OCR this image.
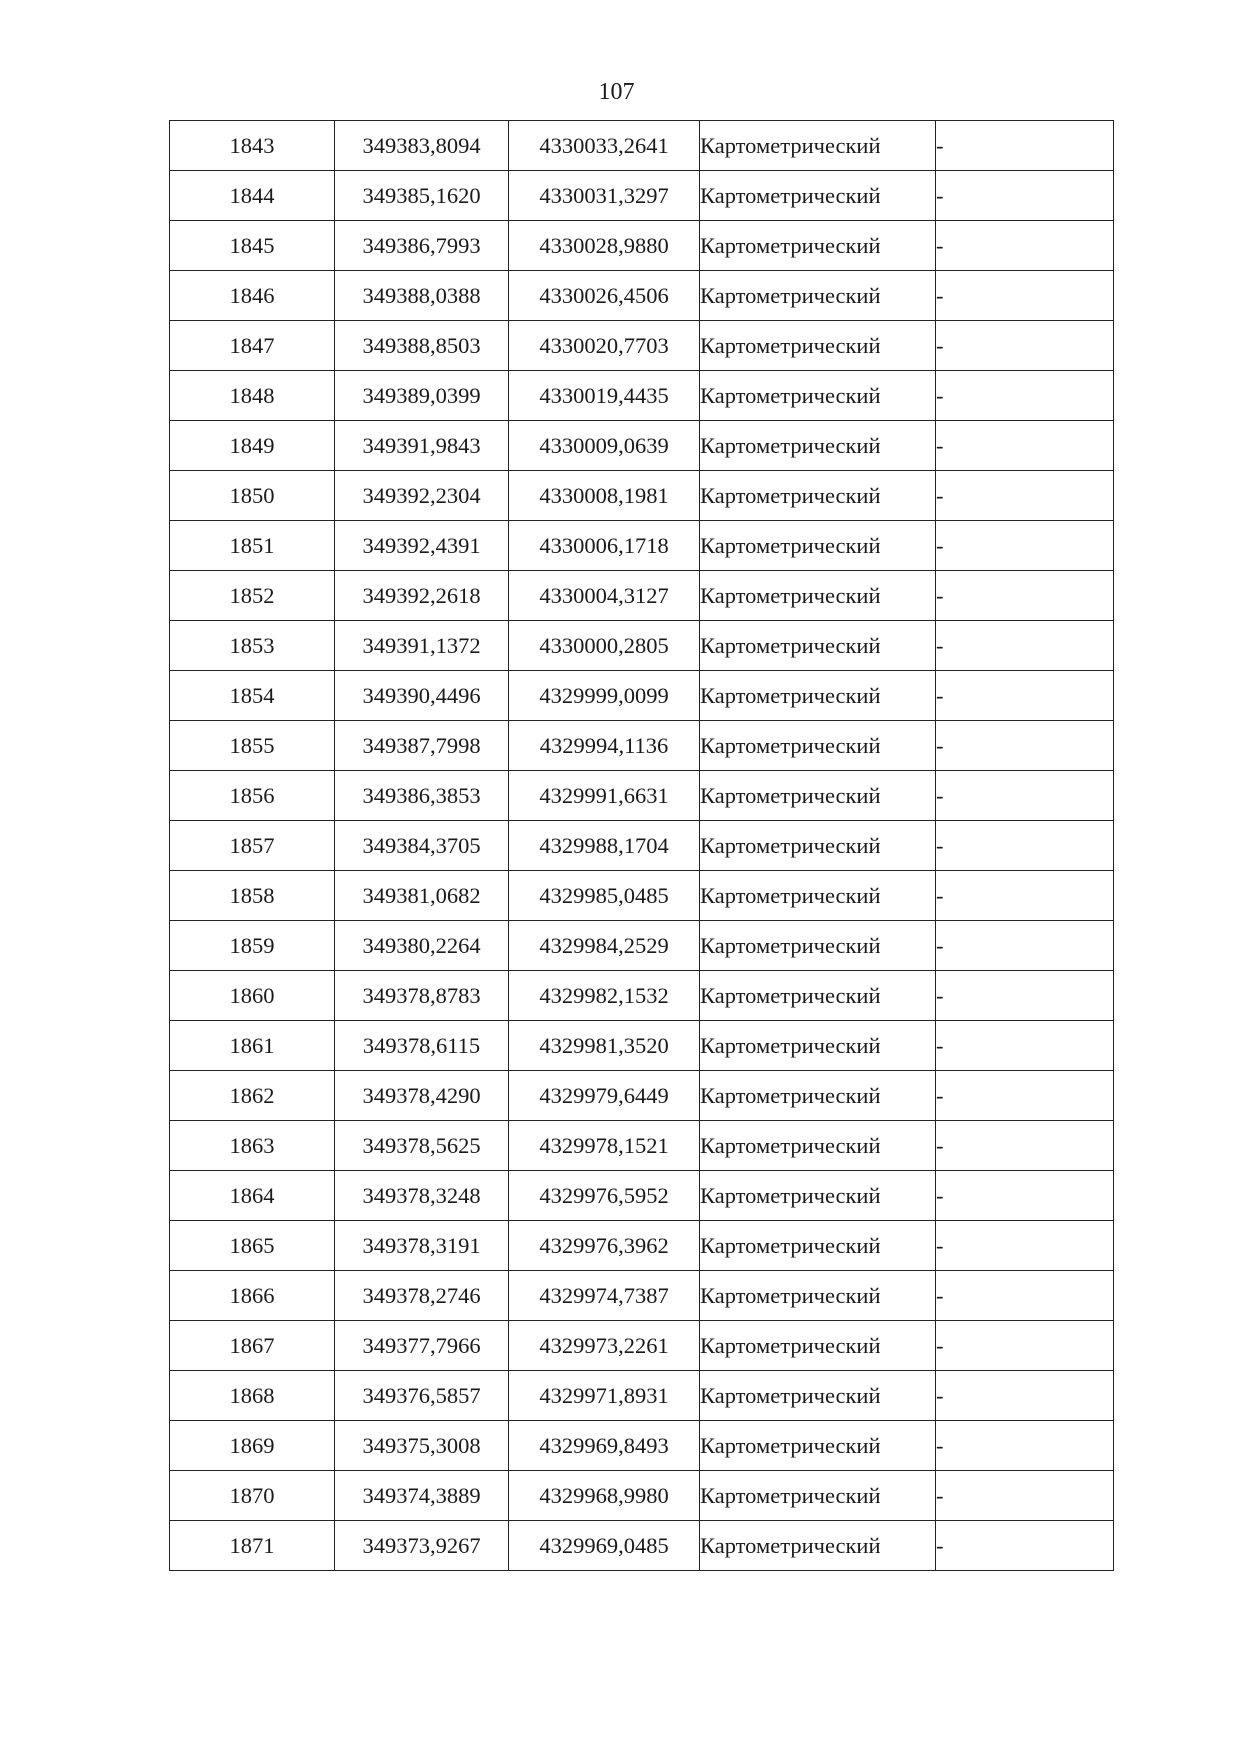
107
1843	349383,8094	4330033,2641	Картометрический	-
1844	349385,1620	4330031,3297	Картометрический	-
1845	349386,7993	4330028,9880	Картометрический	-
1846	349388,0388	4330026,4506	Картометрический	-
1847	349388,8503	4330020,7703	Картометрический	-
1848	349389,0399	4330019,4435	Картометрический	-
1849	349391,9843	4330009,0639	Картометрический	-
1850	349392,2304	4330008,1981	Картометрический	-
1851	349392,4391	4330006,1718	Картометрический	-
1852	349392,2618	4330004,3127	Картометрический	-
1853	349391,1372	4330000,2805	Картометрический	-
1854	349390,4496	4329999,0099	Картометрический	-
1855	349387,7998	4329994,1136	Картометрический	-
1856	349386,3853	4329991,6631	Картометрический	-
1857	349384,3705	4329988,1704	Картометрический	-
1858	349381,0682	4329985,0485	Картометрический	-
1859	349380,2264	4329984,2529	Картометрический	-
1860	349378,8783	4329982,1532	Картометрический	-
1861	349378,6115	4329981,3520	Картометрический	-
1862	349378,4290	4329979,6449	Картометрический	-
1863	349378,5625	4329978,1521	Картометрический	-
1864	349378,3248	4329976,5952	Картометрический	-
1865	349378,3191	4329976,3962	Картометрический	-
1866	349378,2746	4329974,7387	Картометрический	-
1867	349377,7966	4329973,2261	Картометрический	-
1868	349376,5857	4329971,8931	Картометрический	-
1869	349375,3008	4329969,8493	Картометрический	-
1870	349374,3889	4329968,9980	Картометрический	-
1871	349373,9267	4329969,0485	Картометрический	-
